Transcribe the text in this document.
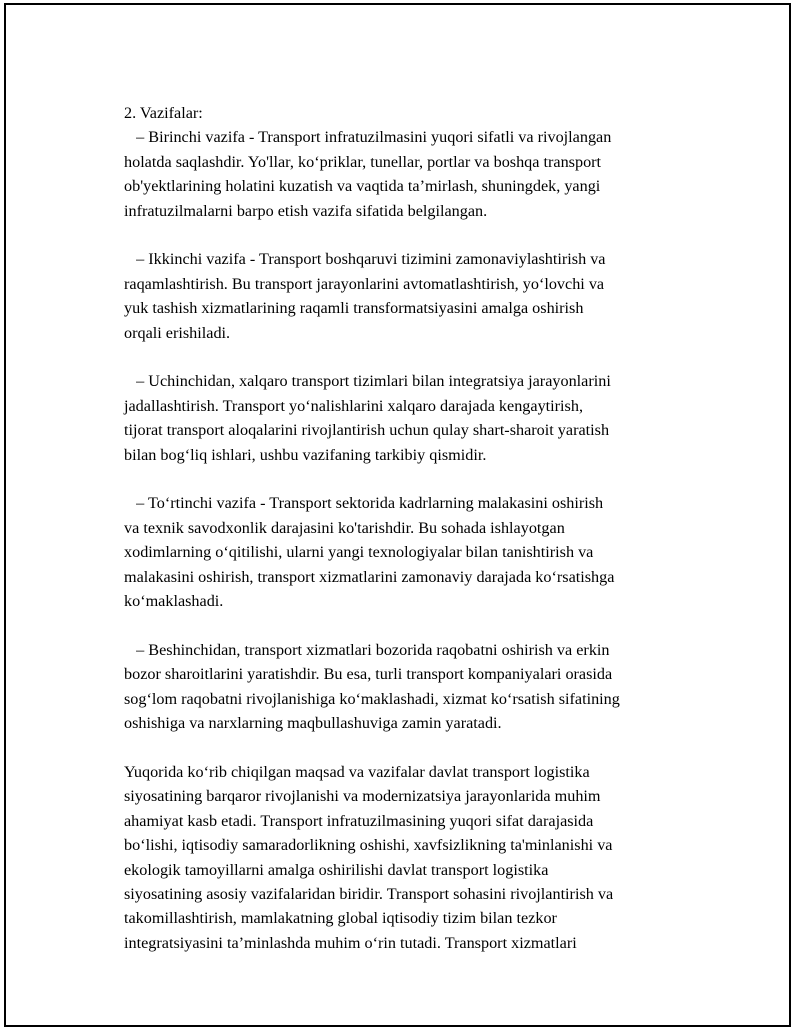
2. Vazifalar:
– Birinchi vazifa - Transport infratuzilmasini yuqori sifatli va rivojlangan
holatda saqlashdir. Yo'llar, koʻpriklar, tunellar, portlar va boshqa transport
ob'yektlarining holatini kuzatish va vaqtida ta’mirlash, shuningdek, yangi
infratuzilmalarni barpo etish vazifa sifatida belgilangan.
– Ikkinchi vazifa - Transport boshqaruvi tizimini zamonaviylashtirish va
raqamlashtirish. Bu transport jarayonlarini avtomatlashtirish, yoʻlovchi va
yuk tashish xizmatlarining raqamli transformatsiyasini amalga oshirish
orqali erishiladi.
– Uchinchidan, xalqaro transport tizimlari bilan integratsiya jarayonlarini
jadallashtirish. Transport yoʻnalishlarini xalqaro darajada kengaytirish,
tijorat transport aloqalarini rivojlantirish uchun qulay shart-sharoit yaratish
bilan bogʻliq ishlari, ushbu vazifaning tarkibiy qismidir.
– Toʻrtinchi vazifa - Transport sektorida kadrlarning malakasini oshirish
va texnik savodxonlik darajasini ko'tarishdir. Bu sohada ishlayotgan
xodimlarning oʻqitilishi, ularni yangi texnologiyalar bilan tanishtirish va
malakasini oshirish, transport xizmatlarini zamonaviy darajada koʻrsatishga
koʻmaklashadi.
– Beshinchidan, transport xizmatlari bozorida raqobatni oshirish va erkin
bozor sharoitlarini yaratishdir. Bu esa, turli transport kompaniyalari orasida
sogʻlom raqobatni rivojlanishiga koʻmaklashadi, xizmat koʻrsatish sifatining
oshishiga va narxlarning maqbullashuviga zamin yaratadi.
Yuqorida koʻrib chiqilgan maqsad va vazifalar davlat transport logistika
siyosatining barqaror rivojlanishi va modernizatsiya jarayonlarida muhim
ahamiyat kasb etadi. Transport infratuzilmasining yuqori sifat darajasida
boʻlishi, iqtisodiy samaradorlikning oshishi, xavfsizlikning ta'minlanishi va
ekologik tamoyillarni amalga oshirilishi davlat transport logistika
siyosatining asosiy vazifalaridan biridir. Transport sohasini rivojlantirish va
takomillashtirish, mamlakatning global iqtisodiy tizim bilan tezkor
integratsiyasini ta’minlashda muhim oʻrin tutadi. Transport xizmatlari
